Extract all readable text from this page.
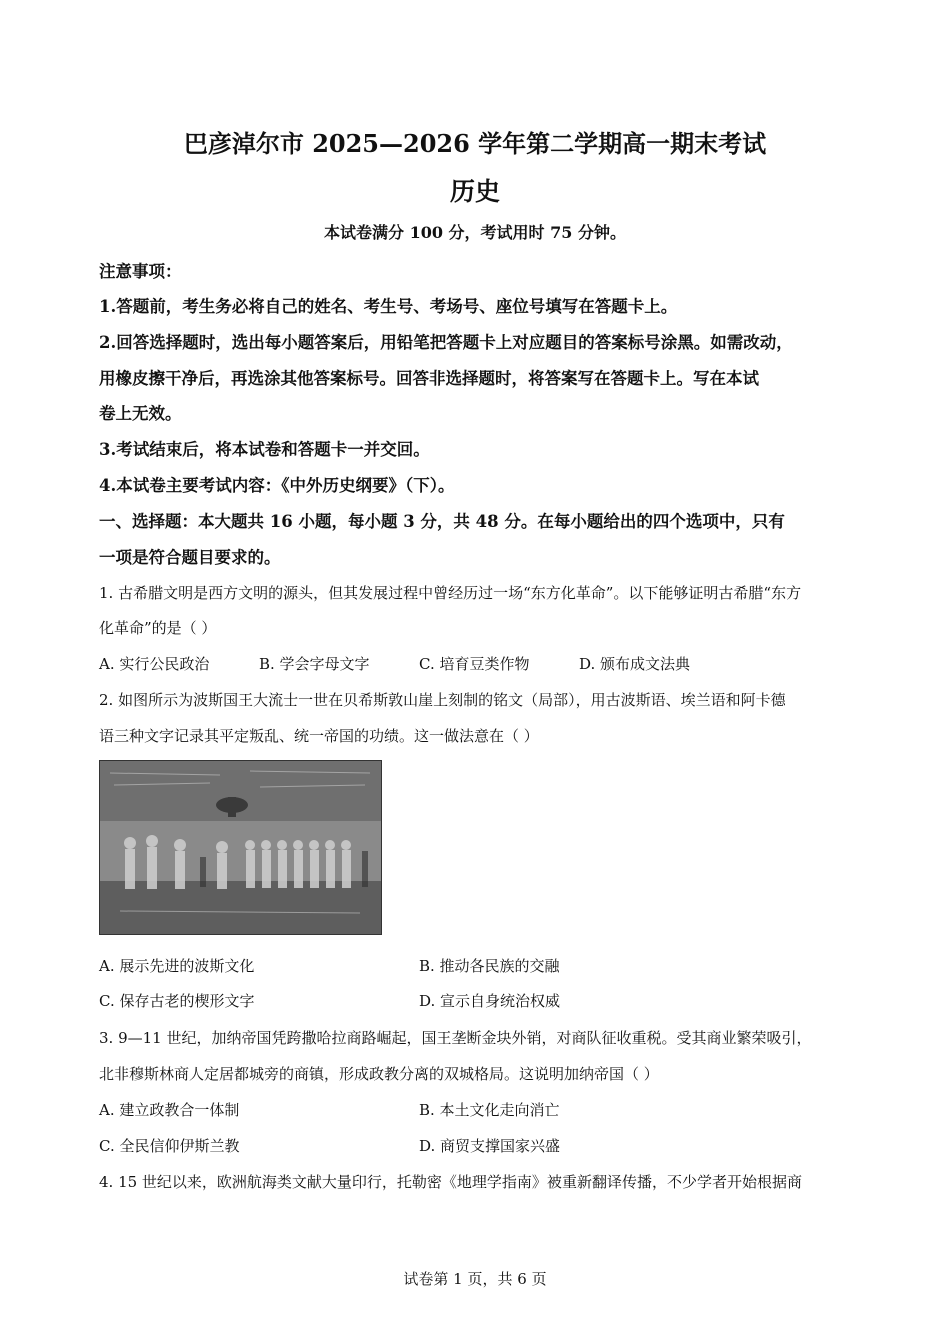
巴彦淖尔市 2025—2026 学年第二学期高一期末考试
历史
本试卷满分 100 分，考试用时 75 分钟。
注意事项：
1.答题前，考生务必将自己的姓名、考生号、考场号、座位号填写在答题卡上。
2.回答选择题时，选出每小题答案后，用铅笔把答题卡上对应题目的答案标号涂黑。如需改动，
用橡皮擦干净后，再选涂其他答案标号。回答非选择题时，将答案写在答题卡上。写在本试
卷上无效。
3.考试结束后，将本试卷和答题卡一并交回。
4.本试卷主要考试内容：《中外历史纲要》（下）。
一、选择题：本大题共 16 小题，每小题 3 分，共 48 分。在每小题给出的四个选项中，只有
一项是符合题目要求的。
1. 古希腊文明是西方文明的源头，但其发展过程中曾经历过一场“东方化革命”。以下能够证明古希腊“东方
化革命”的是（ ）
A. 实行公民政治	B. 学会字母文字	C. 培育豆类作物	D. 颁布成文法典
2. 如图所示为波斯国王大流士一世在贝希斯敦山崖上刻制的铭文（局部），用古波斯语、埃兰语和阿卡德
语三种文字记录其平定叛乱、统一帝国的功绩。这一做法意在（ ）
A. 展示先进的波斯文化	B. 推动各民族的交融
C. 保存古老的楔形文字	D. 宣示自身统治权威
3. 9—11 世纪，加纳帝国凭跨撒哈拉商路崛起，国王垄断金块外销，对商队征收重税。受其商业繁荣吸引，
北非穆斯林商人定居都城旁的商镇，形成政教分离的双城格局。这说明加纳帝国（ ）
A. 建立政教合一体制	B. 本土文化走向消亡
C. 全民信仰伊斯兰教	D. 商贸支撑国家兴盛
4. 15 世纪以来，欧洲航海类文献大量印行，托勒密《地理学指南》被重新翻译传播，不少学者开始根据商
试卷第 1 页，共 6 页
